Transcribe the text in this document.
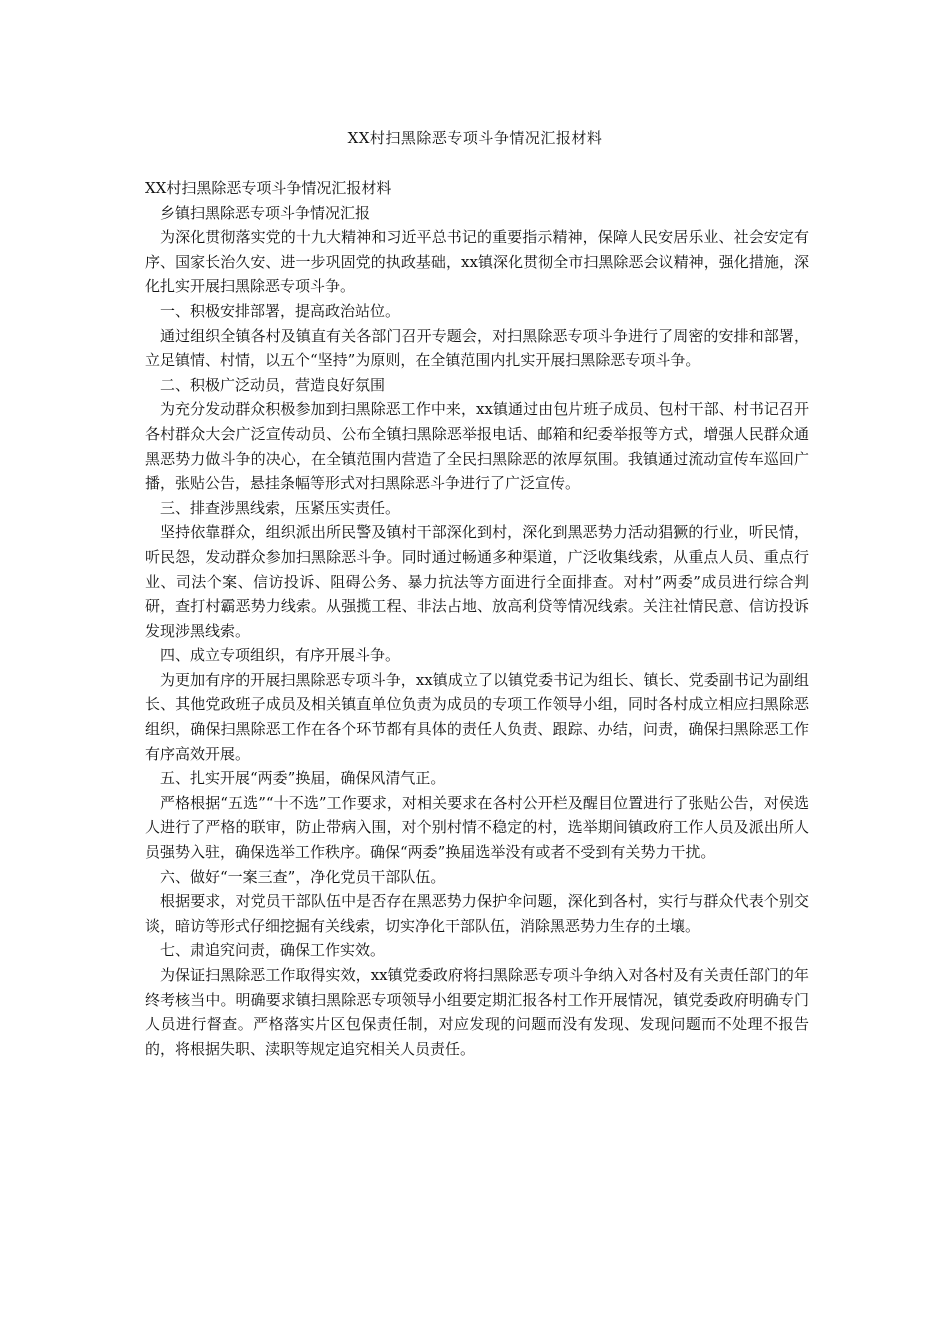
XX村扫黑除恶专项斗争情况汇报材料

XX村扫黑除恶专项斗争情况汇报材料

乡镇扫黑除恶专项斗争情况汇报

为深化贯彻落实党的十九大精神和习近平总书记的重要指示精神，保障人民安居乐业、社会安定有序、国家长治久安、进一步巩固党的执政基础，xx镇深化贯彻全市扫黑除恶会议精神，强化措施，深化扎实开展扫黑除恶专项斗争。

一、积极安排部署，提高政治站位。

通过组织全镇各村及镇直有关各部门召开专题会，对扫黑除恶专项斗争进行了周密的安排和部署，立足镇情、村情，以五个“坚持”为原则，在全镇范围内扎实开展扫黑除恶专项斗争。

二、积极广泛动员，营造良好氛围

为充分发动群众积极参加到扫黑除恶工作中来，xx镇通过由包片班子成员、包村干部、村书记召开各村群众大会广泛宣传动员、公布全镇扫黑除恶举报电话、邮箱和纪委举报等方式，增强人民群众通黑恶势力做斗争的决心，在全镇范围内营造了全民扫黑除恶的浓厚氛围。我镇通过流动宣传车巡回广播，张贴公告，悬挂条幅等形式对扫黑除恶斗争进行了广泛宣传。

三、排查涉黑线索，压紧压实责任。

坚持依靠群众，组织派出所民警及镇村干部深化到村，深化到黑恶势力活动猖獗的行业，听民情，听民怨，发动群众参加扫黑除恶斗争。同时通过畅通多种渠道，广泛收集线索，从重点人员、重点行业、司法个案、信访投诉、阻碍公务、暴力抗法等方面进行全面排查。对村”两委”成员进行综合判研，查打村霸恶势力线索。从强揽工程、非法占地、放高利贷等情况线索。关注社情民意、信访投诉发现涉黑线索。

四、成立专项组织，有序开展斗争。

为更加有序的开展扫黑除恶专项斗争，xx镇成立了以镇党委书记为组长、镇长、党委副书记为副组长、其他党政班子成员及相关镇直单位负责为成员的专项工作领导小组，同时各村成立相应扫黑除恶组织，确保扫黑除恶工作在各个环节都有具体的责任人负责、跟踪、办结，问责，确保扫黑除恶工作有序高效开展。

五、扎实开展“两委”换届，确保风清气正。

严格根据“五选”“十不选”工作要求，对相关要求在各村公开栏及醒目位置进行了张贴公告，对侯选人进行了严格的联审，防止带病入围，对个别村情不稳定的村，选举期间镇政府工作人员及派出所人员强势入驻，确保选举工作秩序。确保“两委”换届选举没有或者不受到有关势力干扰。

六、做好“一案三查”，净化党员干部队伍。

根据要求，对党员干部队伍中是否存在黑恶势力保护伞问题，深化到各村，实行与群众代表个别交谈，暗访等形式仔细挖掘有关线索，切实净化干部队伍，消除黑恶势力生存的土壤。

七、肃追究问责，确保工作实效。

为保证扫黑除恶工作取得实效，xx镇党委政府将扫黑除恶专项斗争纳入对各村及有关责任部门的年终考核当中。明确要求镇扫黑除恶专项领导小组要定期汇报各村工作开展情况，镇党委政府明确专门人员进行督查。严格落实片区包保责任制，对应发现的问题而没有发现、发现问题而不处理不报告的，将根据失职、渎职等规定追究相关人员责任。
